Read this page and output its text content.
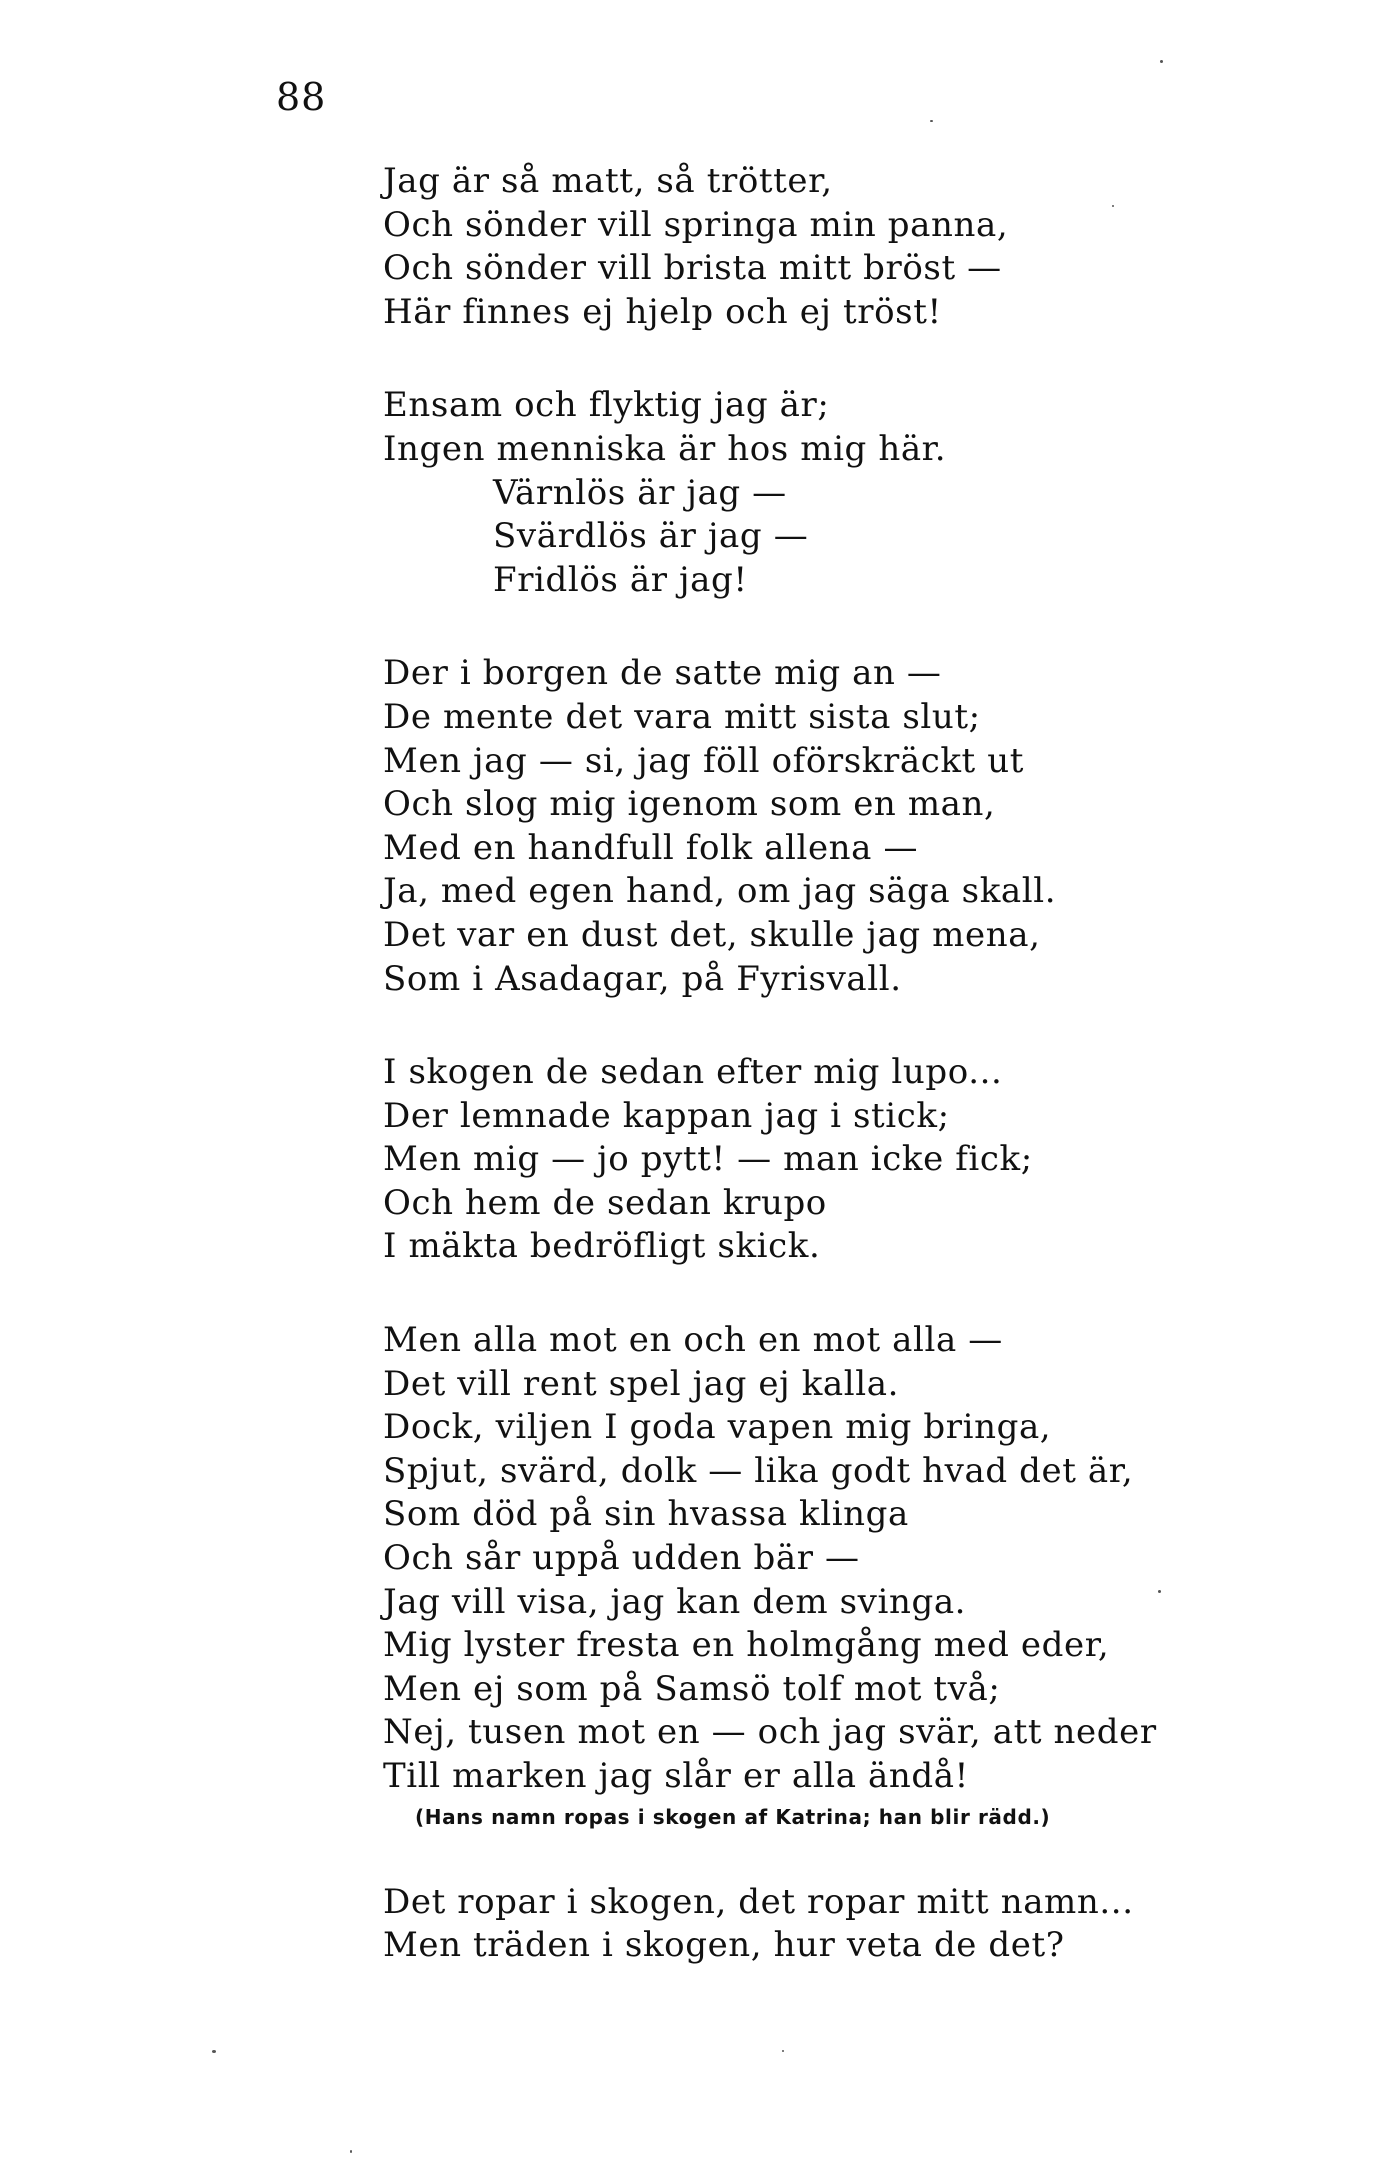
88
Jag är så matt, så trötter,
Och sönder vill springa min panna,
Och sönder vill brista mitt bröst —
Här finnes ej hjelp och ej tröst!
Ensam och flyktig jag är;
Ingen menniska är hos mig här.
Värnlös är jag —
Svärdlös är jag —
Fridlös är jag!
Der i borgen de satte mig an —
De mente det vara mitt sista slut;
Men jag — si, jag föll oförskräckt ut
Och slog mig igenom som en man,
Med en handfull folk allena —
Ja, med egen hand, om jag säga skall.
Det var en dust det, skulle jag mena,
Som i Asadagar, på Fyrisvall.
I skogen de sedan efter mig lupo...
Der lemnade kappan jag i stick;
Men mig — jo pytt! — man icke fick;
Och hem de sedan krupo
I mäkta bedröfligt skick.
Men alla mot en och en mot alla —
Det vill rent spel jag ej kalla.
Dock, viljen I goda vapen mig bringa,
Spjut, svärd, dolk — lika godt hvad det är,
Som död på sin hvassa klinga
Och sår uppå udden bär —
Jag vill visa, jag kan dem svinga.
Mig lyster fresta en holmgång med eder,
Men ej som på Samsö tolf mot två;
Nej, tusen mot en — och jag svär, att neder
Till marken jag slår er alla ändå!
(Hans namn ropas i skogen af Katrina; han blir rädd.)
Det ropar i skogen, det ropar mitt namn...
Men träden i skogen, hur veta de det?
